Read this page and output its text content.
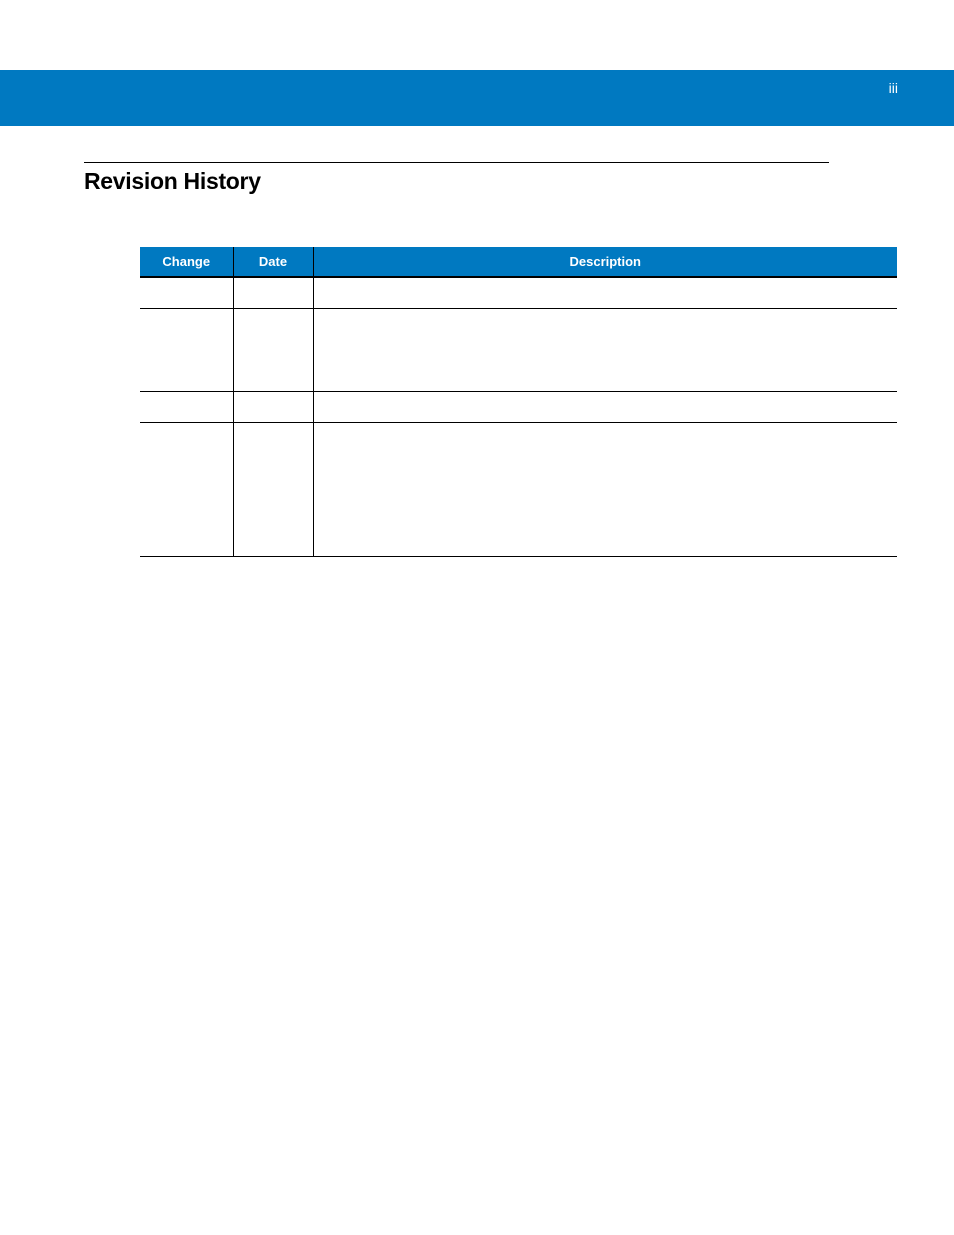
iii
Revision History
Change	Date	Description
